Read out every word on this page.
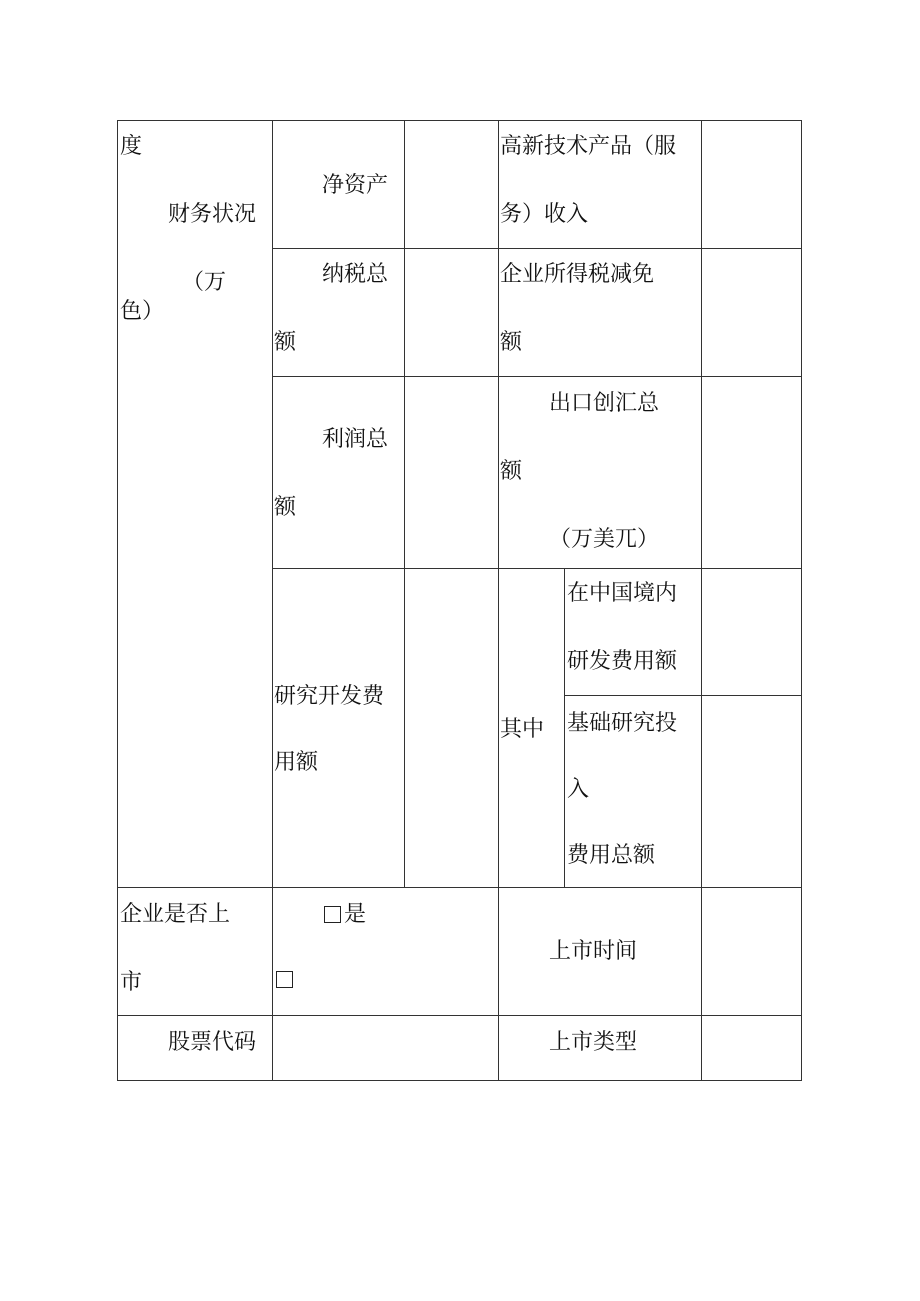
度
财务状况
（万
色）
净资产
高新技术产品（服
务）收入
纳税总
额
企业所得税减免
额
利润总
额
出口创汇总
额
（万美兀）
研究开发费
用额
其中
在中国境内
研发费用额
基础研究投
入
费用总额
企业是否上
市
是
上市时间
股票代码	上市类型
